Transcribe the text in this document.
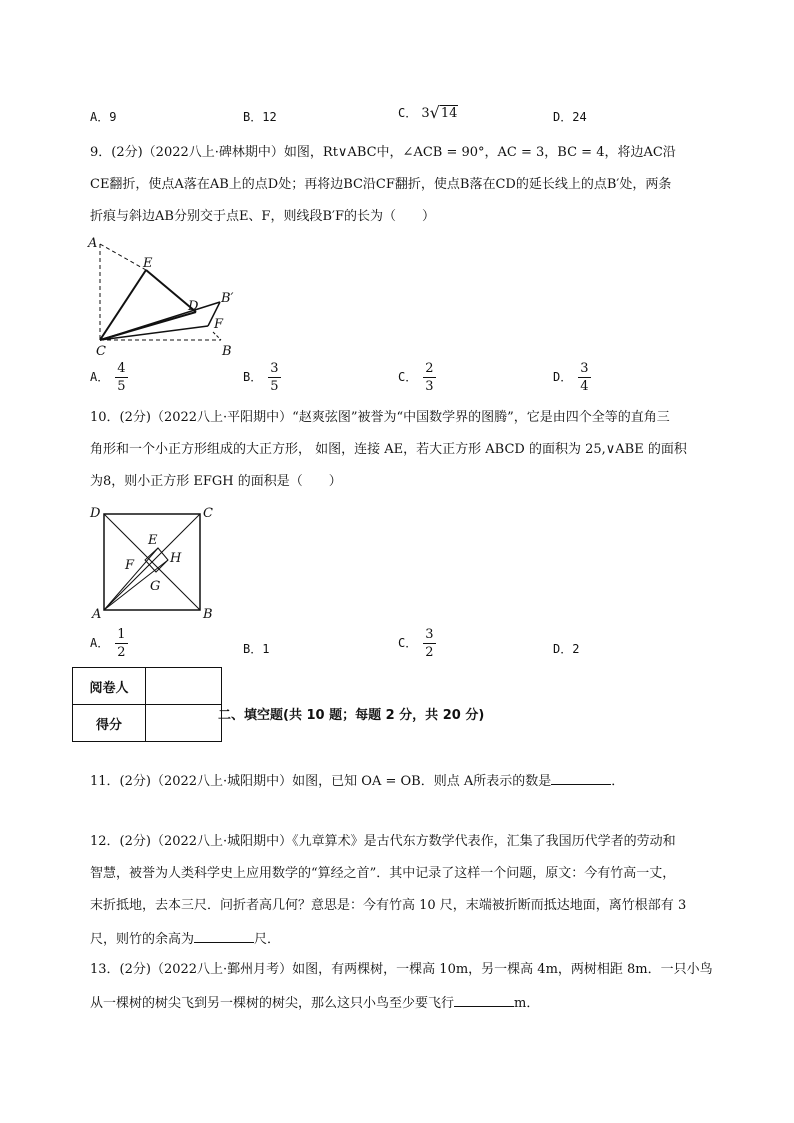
A．9	B．12	C． 3 √ 14	D．24
9．(2分)（2022八上·碑林期中）如图，Rt∨ABC中，∠ACB = 90°，AC = 3，BC = 4，将边AC沿
CE翻折，使点A落在AB上的点D处；再将边BC沿CF翻折，使点B落在CD的延长线上的点B′处，两条
折痕与斜边AB分别交于点E、F，则线段B′F的长为（　　）
A
E
D
B′
F
C	B
A． $\frac{4}{5}$	B． $\frac{3}{5}$	C． $\frac{2}{3}$	D． $\frac{3}{4}$
10．(2分)（2022八上·平阳期中）“赵爽弦图”被誉为“中国数学界的图腾”，它是由四个全等的直角三
角形和一个小正方形组成的大正方形， 如图，连接 AE，若大正方形 ABCD 的面积为 25,∨ABE 的面积
为8，则小正方形 EFGH 的面积是（　　）
D	C
E
F	H
G
A	B
A． $\frac{1}{2}$	B．1	C． $\frac{3}{2}$	D．2
阅卷人	
得分	
二、填空题(共 10 题；每题 2 分，共 20 分)
11．(2分)（2022八上·城阳期中）如图，已知 OA = OB．则点 A所表示的数是	．
12．(2分)（2022八上·城阳期中）《九章算术》是古代东方数学代表作，汇集了我国历代学者的劳动和
智慧，被誉为人类科学史上应用数学的“算经之首”．其中记录了这样一个问题，原文：今有竹高一丈，
末折抵地，去本三尺．问折者高几何？意思是：今有竹高 10 尺，末端被折断而抵达地面，离竹根部有 3
尺，则竹的余高为	尺．
13．(2分)（2022八上·鄞州月考）如图，有两棵树，一棵高 10m，另一棵高 4m，两树相距 8m．一只小鸟
从一棵树的树尖飞到另一棵树的树尖，那么这只小鸟至少要飞行	m．
